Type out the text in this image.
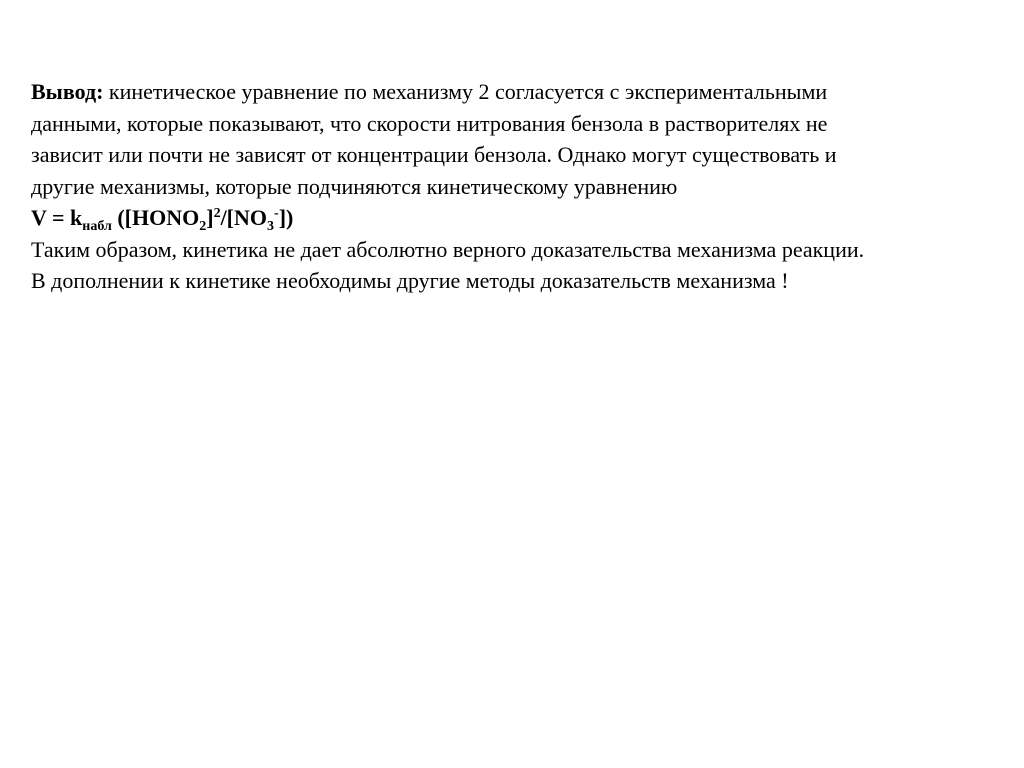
Вывод: кинетическое уравнение по механизму 2 согласуется с экспериментальными

данными, которые показывают, что скорости нитрования бензола в растворителях не

зависит или почти не зависят от концентрации бензола. Однако могут существовать и

другие механизмы, которые подчиняются кинетическому уравнению

$V = k_{набл}$ $([HONO_2]^2/[NO_3^-])$

Таким образом, кинетика не дает абсолютно верного доказательства механизма реакции.

В дополнении к кинетике необходимы другие методы доказательств механизма !
